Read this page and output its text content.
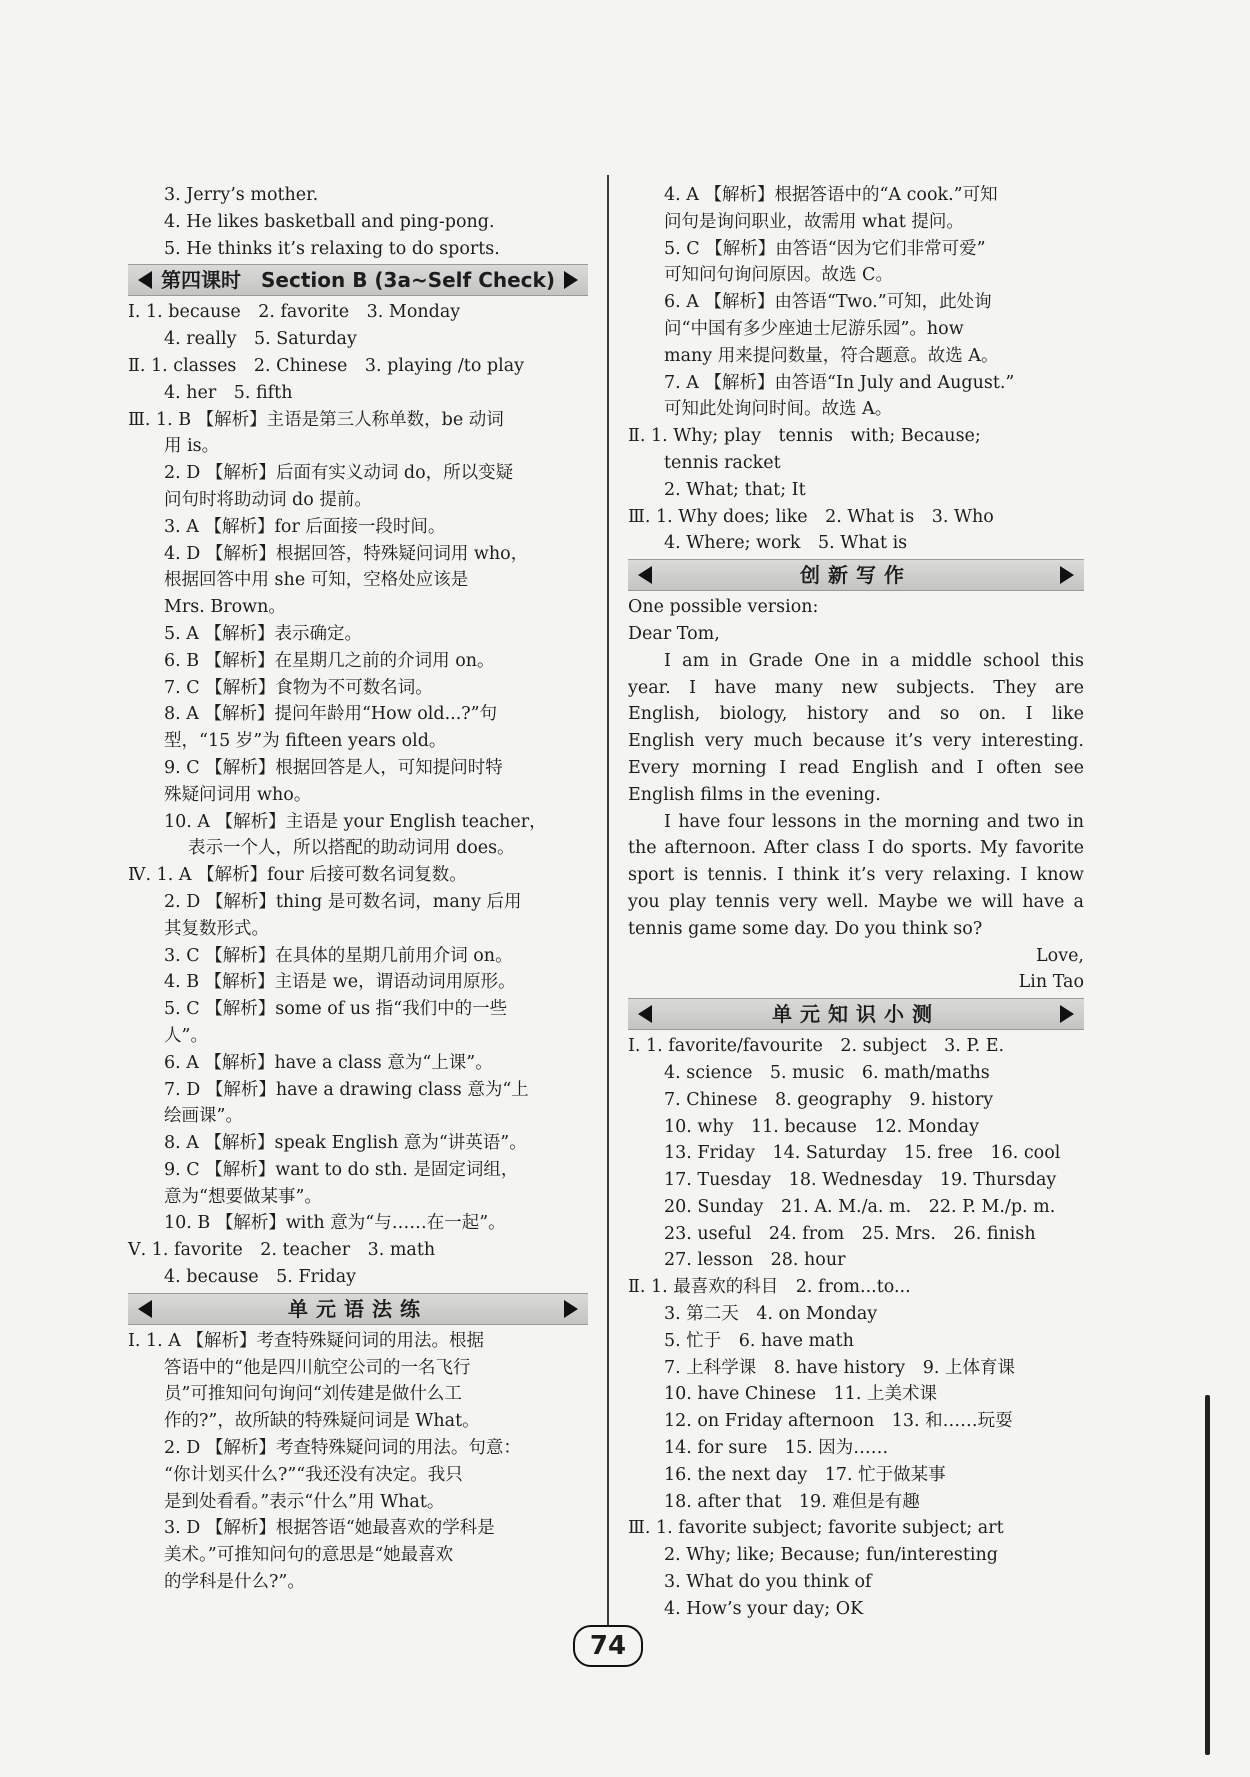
3. Jerry’s mother.
4. He likes basketball and ping-pong.
5. He thinks it’s relaxing to do sports.
第四课时　Section B (3a~Self Check)
Ⅰ. 1. because　2. favorite　3. Monday
4. really　5. Saturday
Ⅱ. 1. classes　2. Chinese　3. playing /to play
4. her　5. fifth
Ⅲ. 1. B 【解析】主语是第三人称单数，be 动词
用 is。
2. D 【解析】后面有实义动词 do，所以变疑
问句时将助动词 do 提前。
3. A 【解析】for 后面接一段时间。
4. D 【解析】根据回答，特殊疑问词用 who，
根据回答中用 she 可知，空格处应该是
Mrs. Brown。
5. A 【解析】表示确定。
6. B 【解析】在星期几之前的介词用 on。
7. C 【解析】食物为不可数名词。
8. A 【解析】提问年龄用“How old...?”句
型，“15 岁”为 fifteen years old。
9. C 【解析】根据回答是人，可知提问时特
殊疑问词用 who。
10. A 【解析】主语是 your English teacher，
表示一个人，所以搭配的助动词用 does。
Ⅳ. 1. A 【解析】four 后接可数名词复数。
2. D 【解析】thing 是可数名词，many 后用
其复数形式。
3. C 【解析】在具体的星期几前用介词 on。
4. B 【解析】主语是 we，谓语动词用原形。
5. C 【解析】some of us 指“我们中的一些
人”。
6. A 【解析】have a class 意为“上课”。
7. D 【解析】have a drawing class 意为“上
绘画课”。
8. A 【解析】speak English 意为“讲英语”。
9. C 【解析】want to do sth. 是固定词组，
意为“想要做某事”。
10. B 【解析】with 意为“与……在一起”。
Ⅴ. 1. favorite　2. teacher　3. math
4. because　5. Friday
单元语法练
Ⅰ. 1. A 【解析】考查特殊疑问词的用法。根据
答语中的“他是四川航空公司的一名飞行
员”可推知问句询问“刘传建是做什么工
作的?”，故所缺的特殊疑问词是 What。
2. D 【解析】考查特殊疑问词的用法。句意：
“你计划买什么?”“我还没有决定。我只
是到处看看。”表示“什么”用 What。
3. D 【解析】根据答语“她最喜欢的学科是
美术。”可推知问句的意思是“她最喜欢
的学科是什么?”。
4. A 【解析】根据答语中的“A cook.”可知
问句是询问职业，故需用 what 提问。
5. C 【解析】由答语“因为它们非常可爱”
可知问句询问原因。故选 C。
6. A 【解析】由答语“Two.”可知，此处询
问“中国有多少座迪士尼游乐园”。how
many 用来提问数量，符合题意。故选 A。
7. A 【解析】由答语“In July and August.”
可知此处询问时间。故选 A。
Ⅱ. 1. Why; play　tennis　with; Because;
tennis racket
2. What; that; It
Ⅲ. 1. Why does; like　2. What is　3. Who
4. Where; work　5. What is
创新写作
One possible version:
Dear Tom,
I am in Grade One in a middle school this
year. I have many new subjects. They are
English, biology, history and so on. I like
English very much because it’s very interesting.
Every morning I read English and I often see
English films in the evening.
I have four lessons in the morning and two in
the afternoon. After class I do sports. My favorite
sport is tennis. I think it’s very relaxing. I know
you play tennis very well. Maybe we will have a
tennis game some day. Do you think so?
Love,
Lin Tao
单元知识小测
Ⅰ. 1. favorite/favourite　2. subject　3. P. E.
4. science　5. music　6. math/maths
7. Chinese　8. geography　9. history
10. why　11. because　12. Monday
13. Friday　14. Saturday　15. free　16. cool
17. Tuesday　18. Wednesday　19. Thursday
20. Sunday　21. A. M./a. m.　22. P. M./p. m.
23. useful　24. from　25. Mrs.　26. finish
27. lesson　28. hour
Ⅱ. 1. 最喜欢的科目　2. from...to...
3. 第二天　4. on Monday
5. 忙于　6. have math
7. 上科学课　8. have history　9. 上体育课
10. have Chinese　11. 上美术课
12. on Friday afternoon　13. 和……玩耍
14. for sure　15. 因为……
16. the next day　17. 忙于做某事
18. after that　19. 难但是有趣
Ⅲ. 1. favorite subject; favorite subject; art
2. Why; like; Because; fun/interesting
3. What do you think of
4. How’s your day; OK
74
